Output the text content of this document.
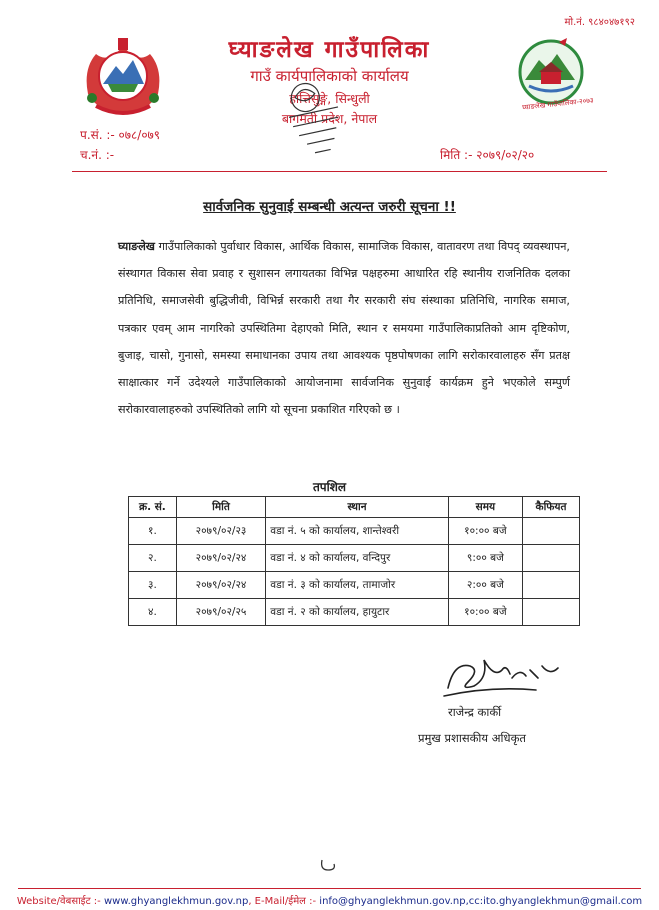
मो.नं. ९८४०४७१९२
घ्याङलेख गाउँपालिका-२०७३
घ्याङलेख गाउँपालिका
गाउँ कार्यपालिकाको कार्यालय
हात्तिसुङ्गे, सिन्धुली
बागमती प्रदेश, नेपाल
प.सं. :- ०७८/०७९
च.नं. :-	मिति :- २०७९/०२/२०
सार्वजनिक सुनुवाई सम्बन्धी अत्यन्त जरुरी सूचना !!
घ्याङलेख गाउँपालिकाको पुर्वाधार विकास, आर्थिक विकास, सामाजिक विकास, वातावरण तथा विपद् व्यवस्थापन, संस्थागत विकास सेवा प्रवाह र सुशासन लगायतका विभिन्न पक्षहरुमा आधारित रहि स्थानीय राजनितिक दलका प्रतिनिधि, समाजसेवी बुद्धिजीवी, विभिर्न्न सरकारी तथा गैर सरकारी संघ संस्थाका प्रतिनिधि, नागरिक समाज, पत्रकार एवम् आम नागरिको उपस्थितिमा देहाएको मिति, स्थान र समयमा गाउँपालिकाप्रतिको आम दृष्टिकोण, बुजाइ, चासो, गुनासो, समस्या समाधानका उपाय तथा आवश्यक पृष्ठपोषणका लागि सरोकारवालाहरु सँग प्रतक्ष साक्षात्कार गर्ने उदेश्यले गाउँपालिकाको आयोजनामा सार्वजनिक सुनुवाई कार्यक्रम हुने भएकोले सम्पुर्ण सरोकारवालाहरुको उपस्थितिको लागि यो सूचना प्रकाशित गरिएको छ ।
तपशिल
क्र. सं.	मिति	स्थान	समय	कैफियत
१.	२०७९/०२/२३	वडा नं. ५ को कार्यालय, शान्तेश्वरी	१०:०० बजे	
२.	२०७९/०२/२४	वडा नं. ४ को कार्यालय, वन्दिपुर	९:०० बजे	
३.	२०७९/०२/२४	वडा नं. ३ को कार्यालय, तामाजोर	२:०० बजे	
४.	२०७९/०२/२५	वडा नं. २ को कार्यालय, हायुटार	१०:०० बजे	
राजेन्द्र कार्की
प्रमुख प्रशासकीय अधिकृत
Website/वेबसाईट :- www.ghyanglekhmun.gov.np, E-Mail/ईमेल :- info@ghyanglekhmun.gov.np,cc:ito.ghyanglekhmun@gmail.com
